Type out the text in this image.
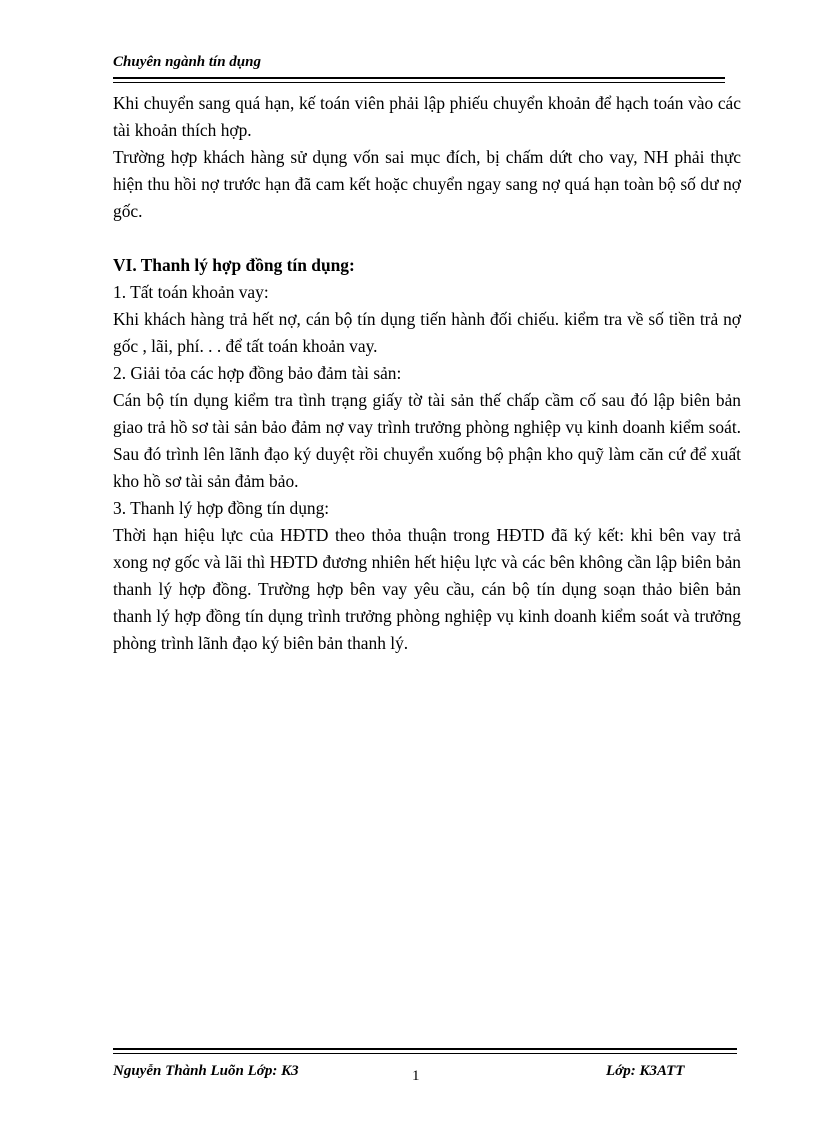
Chuyên ngành tín dụng

Khi chuyển sang quá hạn, kế toán viên phải lập phiếu chuyển khoản để hạch toán vào các tài khoản thích hợp.

Trường hợp khách hàng sử dụng vốn sai mục đích, bị chấm dứt cho vay, NH phải thực hiện thu hồi nợ trước hạn đã cam kết hoặc chuyển ngay sang nợ quá hạn toàn bộ số dư nợ gốc.

VI. Thanh lý hợp đồng tín dụng:

1. Tất toán khoản vay:

Khi khách hàng trả hết nợ, cán bộ tín dụng tiến hành đối chiếu. kiểm tra về số tiền trả nợ gốc , lãi, phí. . . để tất toán khoản vay.

2. Giải tỏa các hợp đồng bảo đảm tài sản:

Cán bộ tín dụng kiểm tra tình trạng giấy tờ tài sản thế chấp cầm cố sau đó lập biên bản giao trả hồ sơ tài sản bảo đảm nợ vay trình trưởng phòng nghiệp vụ kinh doanh kiểm soát. Sau đó trình lên lãnh đạo ký duyệt rồi chuyển xuống bộ phận kho quỹ làm căn cứ để xuất kho hồ sơ tài sản đảm bảo.

3. Thanh lý hợp đồng tín dụng:

Thời hạn hiệu lực của HĐTD theo thỏa thuận trong HĐTD đã ký kết: khi bên vay trả xong nợ gốc và lãi thì HĐTD đương nhiên hết hiệu lực và các bên không cần lập biên bản thanh lý hợp đồng. Trường hợp bên vay yêu cầu, cán bộ tín dụng soạn thảo biên bản thanh lý hợp đồng tín dụng trình trưởng phòng nghiệp vụ kinh doanh kiểm soát và trưởng phòng trình lãnh đạo ký biên bản thanh lý.

Nguyễn Thành Luõn Lớp: K3	1	Lớp: K3ATT
